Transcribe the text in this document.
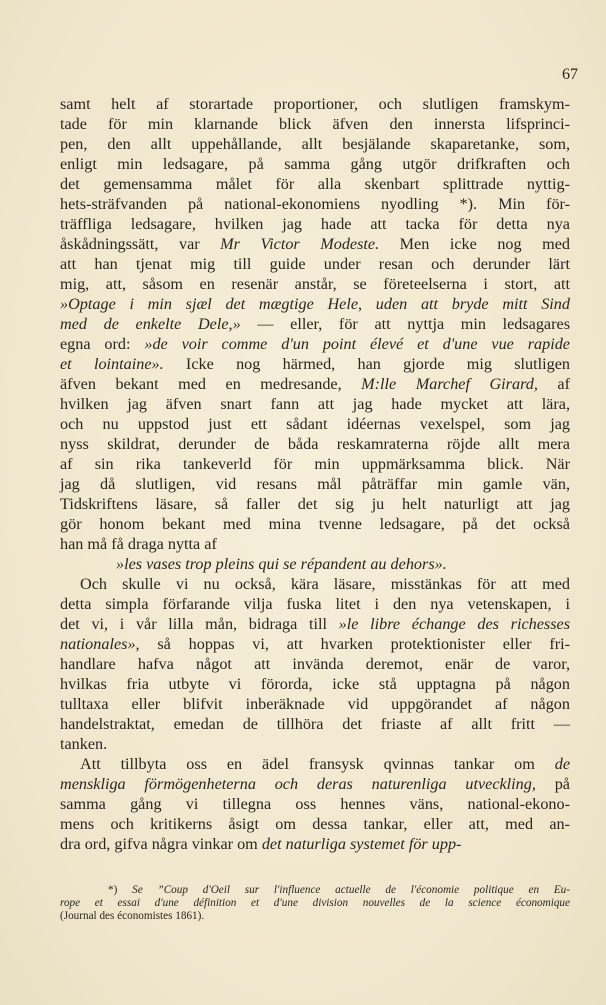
67
samt helt af storartade proportioner, och slutligen framskym-
tade för min klarnande blick äfven den innersta lifsprinci-
pen, den allt uppehållande, allt besjälande skaparetanke, som,
enligt min ledsagare, på samma gång utgör drifkraften och
det gemensamma målet för alla skenbart splittrade nyttig-
hets-sträfvanden på national-ekonomiens nyodling *). Min för-
träffliga ledsagare, hvilken jag hade att tacka för detta nya
åskådningssätt, var Mr Victor Modeste. Men icke nog med
att han tjenat mig till guide under resan och derunder lärt
mig, att, såsom en resenär anstår, se företeelserna i stort, att
»Optage i min sjæl det mægtige Hele, uden att bryde mitt Sind
med de enkelte Dele,» — eller, för att nyttja min ledsagares
egna ord: »de voir comme d'un point élevé et d'une vue rapide
et lointaine». Icke nog härmed, han gjorde mig slutligen
äfven bekant med en medresande, M:lle Marchef Girard, af
hvilken jag äfven snart fann att jag hade mycket att lära,
och nu uppstod just ett sådant idéernas vexelspel, som jag
nyss skildrat, derunder de båda reskamraterna röjde allt mera
af sin rika tankeverld för min uppmärksamma blick. När
jag då slutligen, vid resans mål påträffar min gamle vän,
Tidskriftens läsare, så faller det sig ju helt naturligt att jag
gör honom bekant med mina tvenne ledsagare, på det också
han må få draga nytta af
»les vases trop pleins qui se répandent au dehors».
Och skulle vi nu också, kära läsare, misstänkas för att med
detta simpla förfarande vilja fuska litet i den nya vetenskapen, i
det vi, i vår lilla mån, bidraga till »le libre échange des richesses
nationales», så hoppas vi, att hvarken protektionister eller fri-
handlare hafva något att invända deremot, enär de varor,
hvilkas fria utbyte vi förorda, icke stå upptagna på någon
tulltaxa eller blifvit inberäknade vid uppgörandet af någon
handelstraktat, emedan de tillhöra det friaste af allt fritt —
tanken.
Att tillbyta oss en ädel fransysk qvinnas tankar om de
menskliga förmögenheterna och deras naturenliga utveckling, på
samma gång vi tillegna oss hennes väns, national-ekono-
mens och kritikerns åsigt om dessa tankar, eller att, med an-
dra ord, gifva några vinkar om det naturliga systemet för upp-
*) Se ”Coup d'Oeil sur l'influence actuelle de l'économie politique en Eu-
rope et essai d'une définition et d'une division nouvelles de la science économique
(Journal des économistes 1861).
